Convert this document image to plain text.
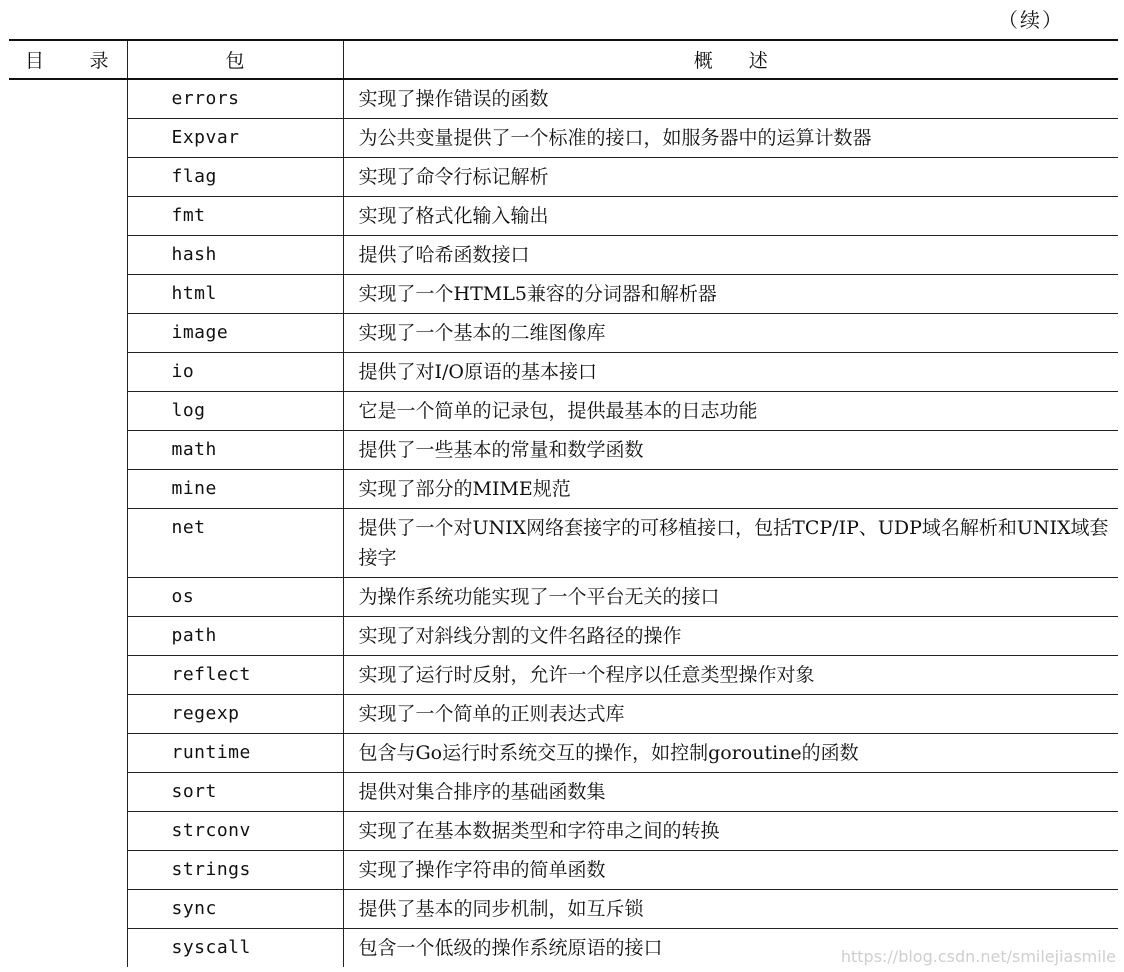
（续）
目 录	包	概述
	errors	实现了操作错误的函数
	Expvar	为公共变量提供了一个标准的接口，如服务器中的运算计数器
	flag	实现了命令行标记解析
	fmt	实现了格式化输入输出
	hash	提供了哈希函数接口
	html	实现了一个HTML5兼容的分词器和解析器
	image	实现了一个基本的二维图像库
	io	提供了对I/O原语的基本接口
	log	它是一个简单的记录包，提供最基本的日志功能
	math	提供了一些基本的常量和数学函数
	mine	实现了部分的MIME规范
	net	提供了一个对UNIX网络套接字的可移植接口，包括TCP/IP、UDP域名解析和UNIX域套接字
	os	为操作系统功能实现了一个平台无关的接口
	path	实现了对斜线分割的文件名路径的操作
	reflect	实现了运行时反射，允许一个程序以任意类型操作对象
	regexp	实现了一个简单的正则表达式库
	runtime	包含与Go运行时系统交互的操作，如控制goroutine的函数
	sort	提供对集合排序的基础函数集
	strconv	实现了在基本数据类型和字符串之间的转换
	strings	实现了操作字符串的简单函数
	sync	提供了基本的同步机制，如互斥锁
	syscall	包含一个低级的操作系统原语的接口	https://blog.csdn.net/smilejiasmile
